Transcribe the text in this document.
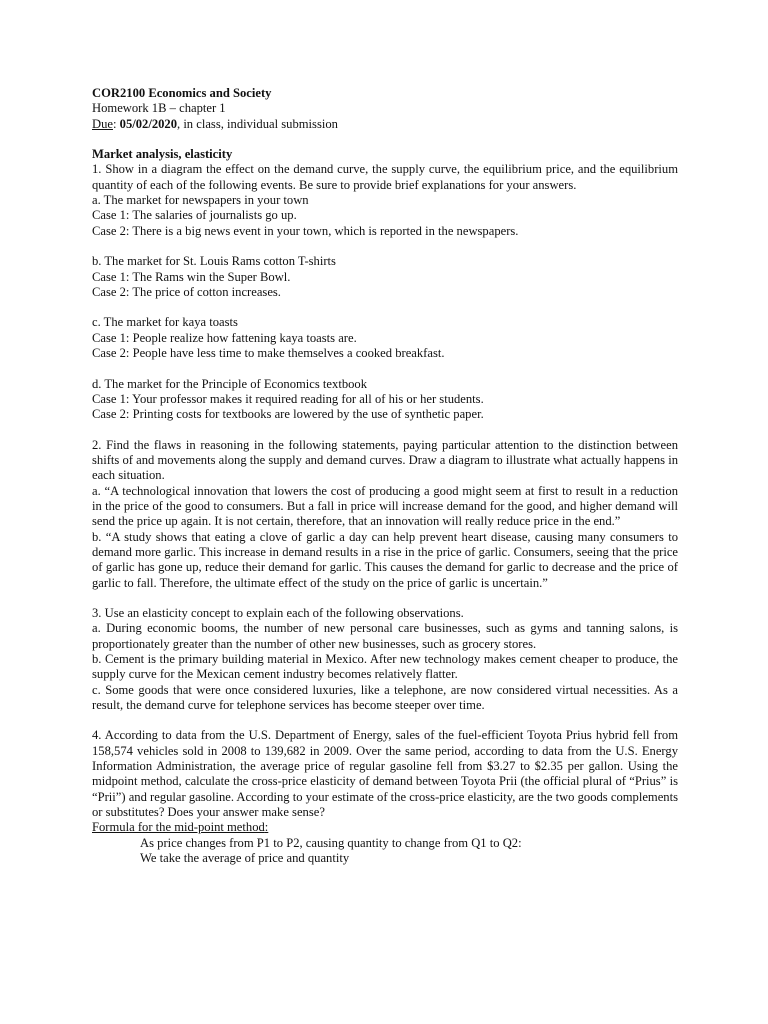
COR2100 Economics and Society
Homework 1B – chapter 1
Due: 05/02/2020, in class, individual submission
Market analysis, elasticity
1. Show in a diagram the effect on the demand curve, the supply curve, the equilibrium price, and the equilibrium quantity of each of the following events. Be sure to provide brief explanations for your answers.
a. The market for newspapers in your town
Case 1: The salaries of journalists go up.
Case 2: There is a big news event in your town, which is reported in the newspapers.
b. The market for St. Louis Rams cotton T-shirts
Case 1: The Rams win the Super Bowl.
Case 2: The price of cotton increases.
c. The market for kaya toasts
Case 1: People realize how fattening kaya toasts are.
Case 2: People have less time to make themselves a cooked breakfast.
d. The market for the Principle of Economics textbook
Case 1: Your professor makes it required reading for all of his or her students.
Case 2: Printing costs for textbooks are lowered by the use of synthetic paper.
2. Find the flaws in reasoning in the following statements, paying particular attention to the distinction between shifts of and movements along the supply and demand curves. Draw a diagram to illustrate what actually happens in each situation.
a. “A technological innovation that lowers the cost of producing a good might seem at first to result in a reduction in the price of the good to consumers. But a fall in price will increase demand for the good, and higher demand will send the price up again. It is not certain, therefore, that an innovation will really reduce price in the end.”
b. “A study shows that eating a clove of garlic a day can help prevent heart disease, causing many consumers to demand more garlic. This increase in demand results in a rise in the price of garlic. Consumers, seeing that the price of garlic has gone up, reduce their demand for garlic. This causes the demand for garlic to decrease and the price of garlic to fall. Therefore, the ultimate effect of the study on the price of garlic is uncertain.”
3. Use an elasticity concept to explain each of the following observations.
a. During economic booms, the number of new personal care businesses, such as gyms and tanning salons, is proportionately greater than the number of other new businesses, such as grocery stores.
b. Cement is the primary building material in Mexico. After new technology makes cement cheaper to produce, the supply curve for the Mexican cement industry becomes relatively flatter.
c. Some goods that were once considered luxuries, like a telephone, are now considered virtual necessities. As a result, the demand curve for telephone services has become steeper over time.
4. According to data from the U.S. Department of Energy, sales of the fuel-efficient Toyota Prius hybrid fell from 158,574 vehicles sold in 2008 to 139,682 in 2009. Over the same period, according to data from the U.S. Energy Information Administration, the average price of regular gasoline fell from $3.27 to $2.35 per gallon. Using the midpoint method, calculate the cross-price elasticity of demand between Toyota Prii (the official plural of “Prius” is “Prii”) and regular gasoline. According to your estimate of the cross-price elasticity, are the two goods complements or substitutes? Does your answer make sense?
Formula for the mid-point method:
As price changes from P1 to P2, causing quantity to change from Q1 to Q2:
We take the average of price and quantity
